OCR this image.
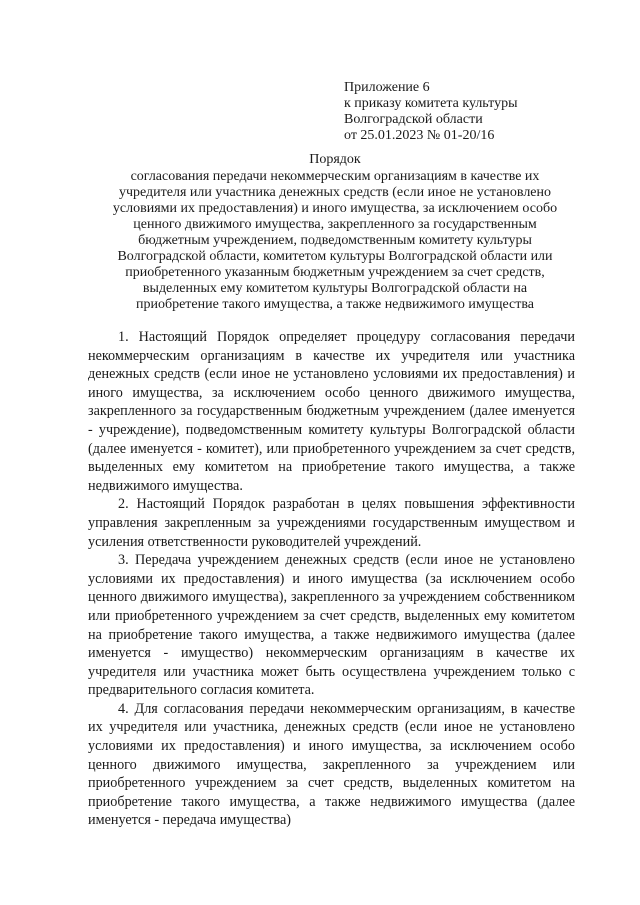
Приложение 6
к приказу комитета культуры
Волгоградской области
от 25.01.2023 № 01-20/16
Порядок
согласования передачи некоммерческим организациям в качестве их
учредителя или участника денежных средств (если иное не установлено
условиями их предоставления) и иного имущества, за исключением особо
ценного движимого имущества, закрепленного за государственным
бюджетным учреждением, подведомственным комитету культуры
Волгоградской области, комитетом культуры Волгоградской области или
приобретенного указанным бюджетным учреждением за счет средств,
выделенных ему комитетом культуры Волгоградской области на
приобретение такого имущества, а также недвижимого имущества

1. Настоящий Порядок определяет процедуру согласования передачи некоммерческим организациям в качестве их учредителя или участника денежных средств (если иное не установлено условиями их предоставления) и иного имущества, за исключением особо ценного движимого имущества, закрепленного за государственным бюджетным учреждением (далее именуется - учреждение), подведомственным комитету культуры Волгоградской области (далее именуется - комитет), или приобретенного учреждением за счет средств, выделенных ему комитетом на приобретение такого имущества, а также недвижимого имущества.

2. Настоящий Порядок разработан в целях повышения эффективности управления закрепленным за учреждениями государственным имуществом и усиления ответственности руководителей учреждений.

3. Передача учреждением денежных средств (если иное не установлено условиями их предоставления) и иного имущества (за исключением особо ценного движимого имущества), закрепленного за учреждением собственником или приобретенного учреждением за счет средств, выделенных ему комитетом на приобретение такого имущества, а также недвижимого имущества (далее именуется - имущество) некоммерческим организациям в качестве их учредителя или участника может быть осуществлена учреждением только с предварительного согласия комитета.

4. Для согласования передачи некоммерческим организациям, в качестве их учредителя или участника, денежных средств (если иное не установлено условиями их предоставления) и иного имущества, за исключением особо ценного движимого имущества, закрепленного за учреждением или приобретенного учреждением за счет средств, выделенных комитетом на приобретение такого имущества, а также недвижимого имущества (далее именуется - передача имущества)
